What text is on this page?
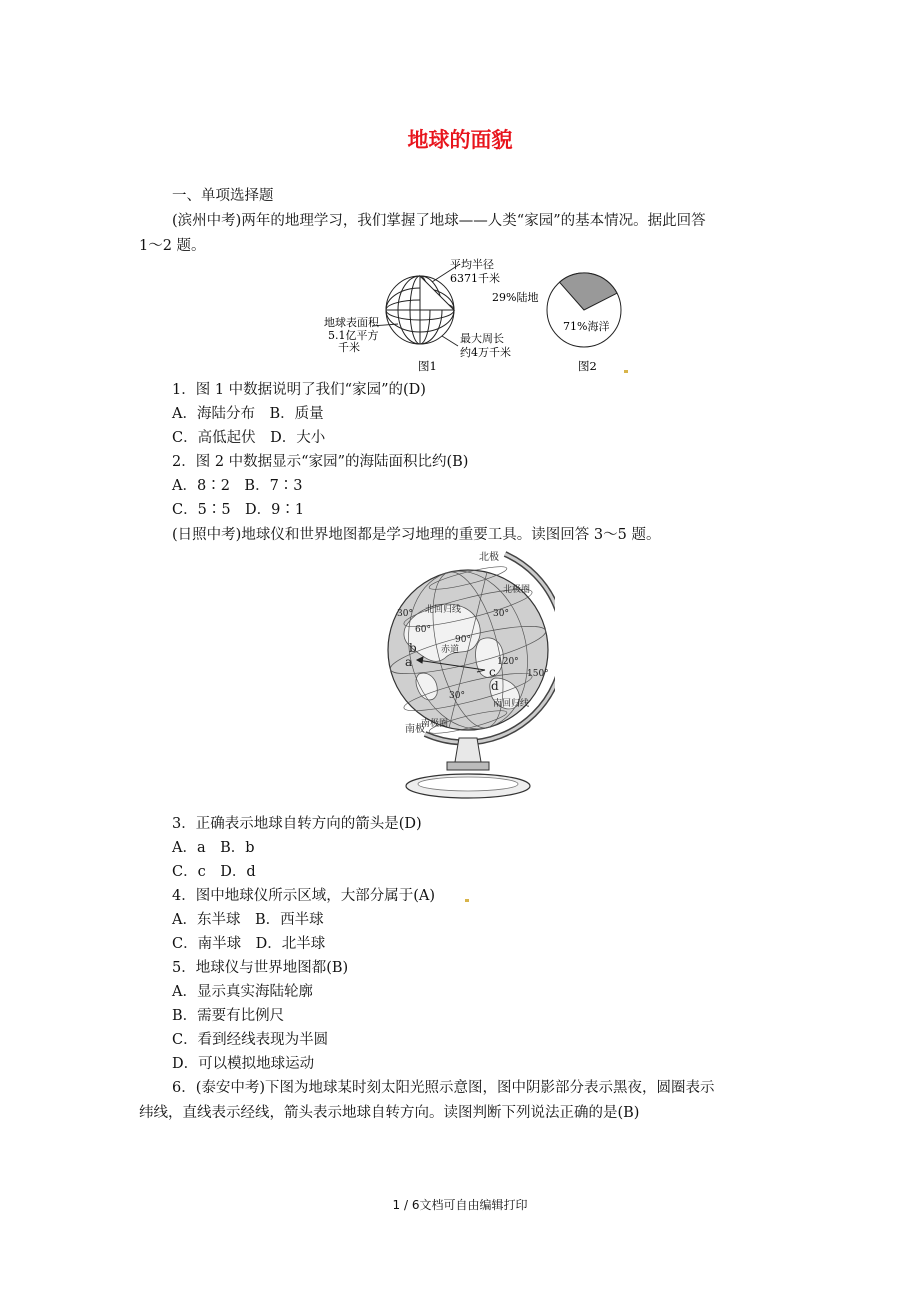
地球的面貌
一、单项选择题
(滨州中考)两年的地理学习，我们掌握了地球——人类“家园”的基本情况。据此回答
1～2 题。
平均半径
6371千米
地球表面积
5.1亿平方
千米
最大周长
约4万千米
图1
29%陆地
71%海洋
图2
1．图 1 中数据说明了我们“家园”的(D)
A．海陆分布　B．质量
C．高低起伏　D．大小
2．图 2 中数据显示“家园”的海陆面积比约(B)
A．8∶2　B．7∶3
C．5∶5　D．9∶1
(日照中考)地球仪和世界地图都是学习地理的重要工具。读图回答 3～5 题。
北极
北极圈
北回归线
赤道
南回归线
南极圈
南极
30°	30°
30°
60°
90°
120°
150°
a
b
c
d
3．正确表示地球自转方向的箭头是(D)
A．a　B．b
C．c　D．d
4．图中地球仪所示区域，大部分属于(A)
A．东半球　B．西半球
C．南半球　D．北半球
5．地球仪与世界地图都(B)
A．显示真实海陆轮廓
B．需要有比例尺
C．看到经线表现为半圆
D．可以模拟地球运动
6．(泰安中考)下图为地球某时刻太阳光照示意图，图中阴影部分表示黑夜，圆圈表示
纬线，直线表示经线，箭头表示地球自转方向。读图判断下列说法正确的是(B)
1 / 6文档可自由编辑打印
